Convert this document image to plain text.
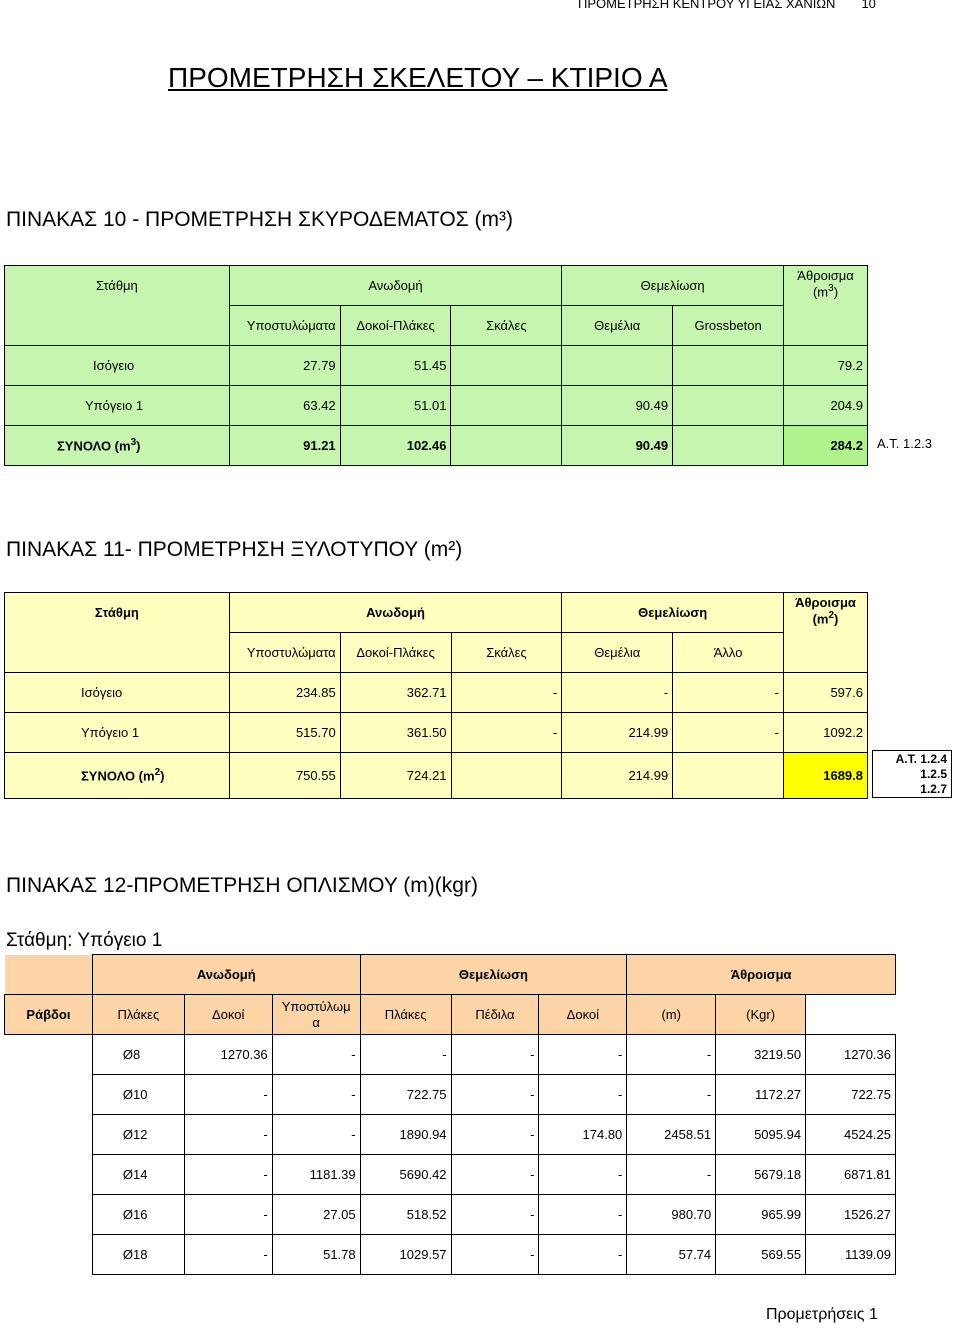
ΠΡΟΜΕΤΡΗΣΗ ΚΕΝΤΡΟΥ ΥΓΕΙΑΣ ΧΑΝΙΩΝ 10
ΠΡΟΜΕΤΡΗΣΗ ΣΚΕΛΕΤΟΥ – ΚΤΙΡΙΟ Α
ΠΙΝΑΚΑΣ 10 - ΠΡΟΜΕΤΡΗΣΗ ΣΚΥΡΟΔΕΜΑΤΟΣ (m³)
Στάθμη	Ανωδομή			Θεμελίωση		Άθροισμα
$(m^3)$
	Υποστυλώματα	Δοκοί-Πλάκες	Σκάλες	Θεμέλια	Grossbeton	
Ισόγειο	27.79	51.45				79.2
Υπόγειο 1	63.42	51.01		90.49		204.9
ΣΥΝΟΛΟ $(m^3)$	91.21	102.46		90.49		284.2 Α.Τ. 1.2.3
ΠΙΝΑΚΑΣ 11- ΠΡΟΜΕΤΡΗΣΗ ΞΥΛΟΤΥΠΟΥ (m²)
Στάθμη	Ανωδομή			Θεμελίωση		Άθροισμα
$(m^2)$
	Υποστυλώματα	Δοκοί-Πλάκες	Σκάλες	Θεμέλια	Άλλο	
Ισόγειο	234.85	362.71	-	-	-	597.6
Υπόγειο 1	515.70	361.50	-	214.99	-	1092.2
ΣΥΝΟΛΟ $(m^2)$	750.55	724.21		214.99		1689.8
Α.Τ. 1.2.4
1.2.5
1.2.7
ΠΙΝΑΚΑΣ 12-ΠΡΟΜΕΤΡΗΣΗ ΟΠΛΙΣΜΟΥ (m)(kgr)
Στάθμη: Υπόγειο 1
	Ανωδομή			Θεμελίωση			Άθροισμα		
Ράβδοι	Πλάκες	Δοκοί	Υποστύλωμ
α	Πλάκες	Πέδιλα	Δοκοί	(m)	(Kgr)	
	Ø8	1270.36	-	-	-	-	-	3219.50	1270.36
	Ø10	-	-	722.75	-	-	-	1172.27	722.75
	Ø12	-	-	1890.94	-	174.80	2458.51	5095.94	4524.25
	Ø14	-	1181.39	5690.42	-	-	-	5679.18	6871.81
	Ø16	-	27.05	518.52	-	-	980.70	965.99	1526.27
	Ø18	-	51.78	1029.57	-	-	57.74	569.55	1139.09
Προμετρήσεις 1
